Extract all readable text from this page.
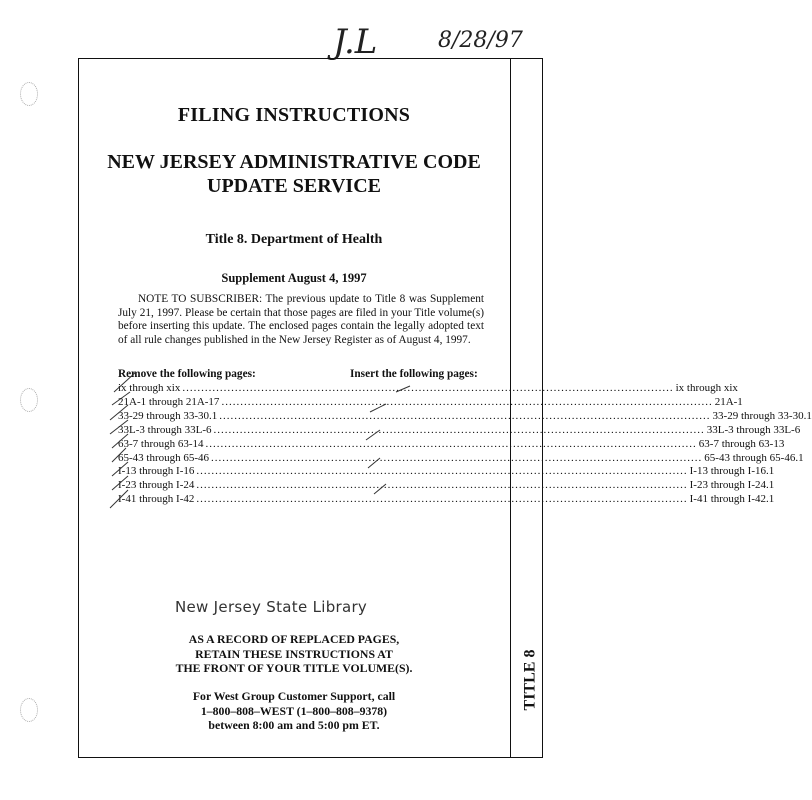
J.L	8/28/97
FILING INSTRUCTIONS
NEW JERSEY ADMINISTRATIVE CODE
UPDATE SERVICE
Title 8. Department of Health
Supplement August 4, 1997
NOTE TO SUBSCRIBER: The previous update to Title 8 was Supplement July 21, 1997. Please be certain that those pages are filed in your Title volume(s) before inserting this update. The enclosed pages contain the legally adopted text of all rule changes published in the New Jersey Register as of August 4, 1997.
Remove the following pages:	Insert the following pages:
ix through xix ................................................................................................................................... ix through xix
21A-1 through 21A-17 ................................................................................................................................... 21A-1
33-29 through 33-30.1 ................................................................................................................................... 33-29 through 33-30.1
33L-3 through 33L-6 ................................................................................................................................... 33L-3 through 33L-6
63-7 through 63-14 ................................................................................................................................... 63-7 through 63-13
65-43 through 65-46 ................................................................................................................................... 65-43 through 65-46.1
I-13 through I-16 ................................................................................................................................... I-13 through I-16.1
I-23 through I-24 ................................................................................................................................... I-23 through I-24.1
I-41 through I-42 ................................................................................................................................... I-41 through I-42.1
New Jersey State Library
AS A RECORD OF REPLACED PAGES,
RETAIN THESE INSTRUCTIONS AT
THE FRONT OF YOUR TITLE VOLUME(S).
For West Group Customer Support, call
1–800–808–WEST (1–800–808–9378)
between 8:00 am and 5:00 pm ET.
TITLE 8
